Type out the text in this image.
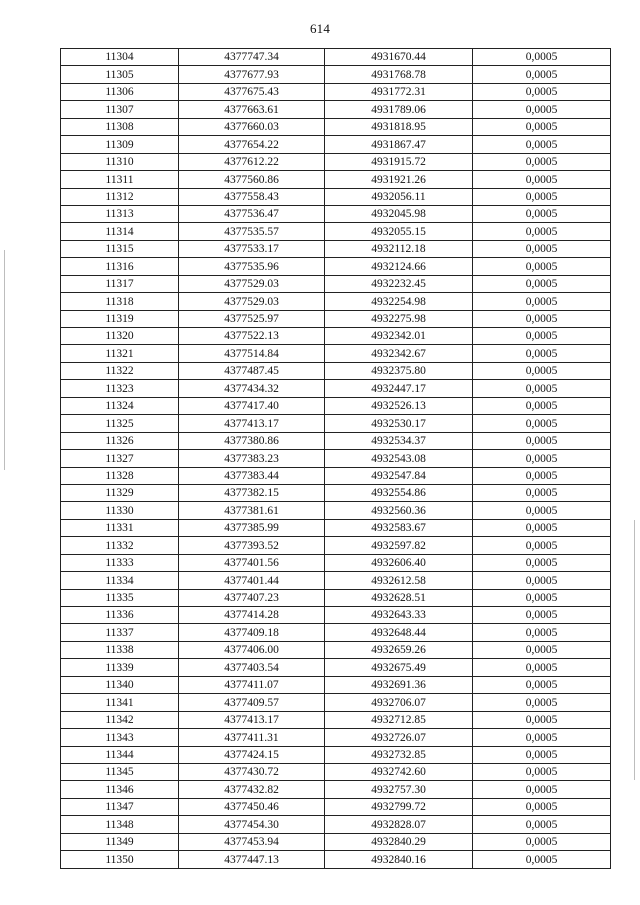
614
11304	4377747.34	4931670.44	0,0005
11305	4377677.93	4931768.78	0,0005
11306	4377675.43	4931772.31	0,0005
11307	4377663.61	4931789.06	0,0005
11308	4377660.03	4931818.95	0,0005
11309	4377654.22	4931867.47	0,0005
11310	4377612.22	4931915.72	0,0005
11311	4377560.86	4931921.26	0,0005
11312	4377558.43	4932056.11	0,0005
11313	4377536.47	4932045.98	0,0005
11314	4377535.57	4932055.15	0,0005
11315	4377533.17	4932112.18	0,0005
11316	4377535.96	4932124.66	0,0005
11317	4377529.03	4932232.45	0,0005
11318	4377529.03	4932254.98	0,0005
11319	4377525.97	4932275.98	0,0005
11320	4377522.13	4932342.01	0,0005
11321	4377514.84	4932342.67	0,0005
11322	4377487.45	4932375.80	0,0005
11323	4377434.32	4932447.17	0,0005
11324	4377417.40	4932526.13	0,0005
11325	4377413.17	4932530.17	0,0005
11326	4377380.86	4932534.37	0,0005
11327	4377383.23	4932543.08	0,0005
11328	4377383.44	4932547.84	0,0005
11329	4377382.15	4932554.86	0,0005
11330	4377381.61	4932560.36	0,0005
11331	4377385.99	4932583.67	0,0005
11332	4377393.52	4932597.82	0,0005
11333	4377401.56	4932606.40	0,0005
11334	4377401.44	4932612.58	0,0005
11335	4377407.23	4932628.51	0,0005
11336	4377414.28	4932643.33	0,0005
11337	4377409.18	4932648.44	0,0005
11338	4377406.00	4932659.26	0,0005
11339	4377403.54	4932675.49	0,0005
11340	4377411.07	4932691.36	0,0005
11341	4377409.57	4932706.07	0,0005
11342	4377413.17	4932712.85	0,0005
11343	4377411.31	4932726.07	0,0005
11344	4377424.15	4932732.85	0,0005
11345	4377430.72	4932742.60	0,0005
11346	4377432.82	4932757.30	0,0005
11347	4377450.46	4932799.72	0,0005
11348	4377454.30	4932828.07	0,0005
11349	4377453.94	4932840.29	0,0005
11350	4377447.13	4932840.16	0,0005
